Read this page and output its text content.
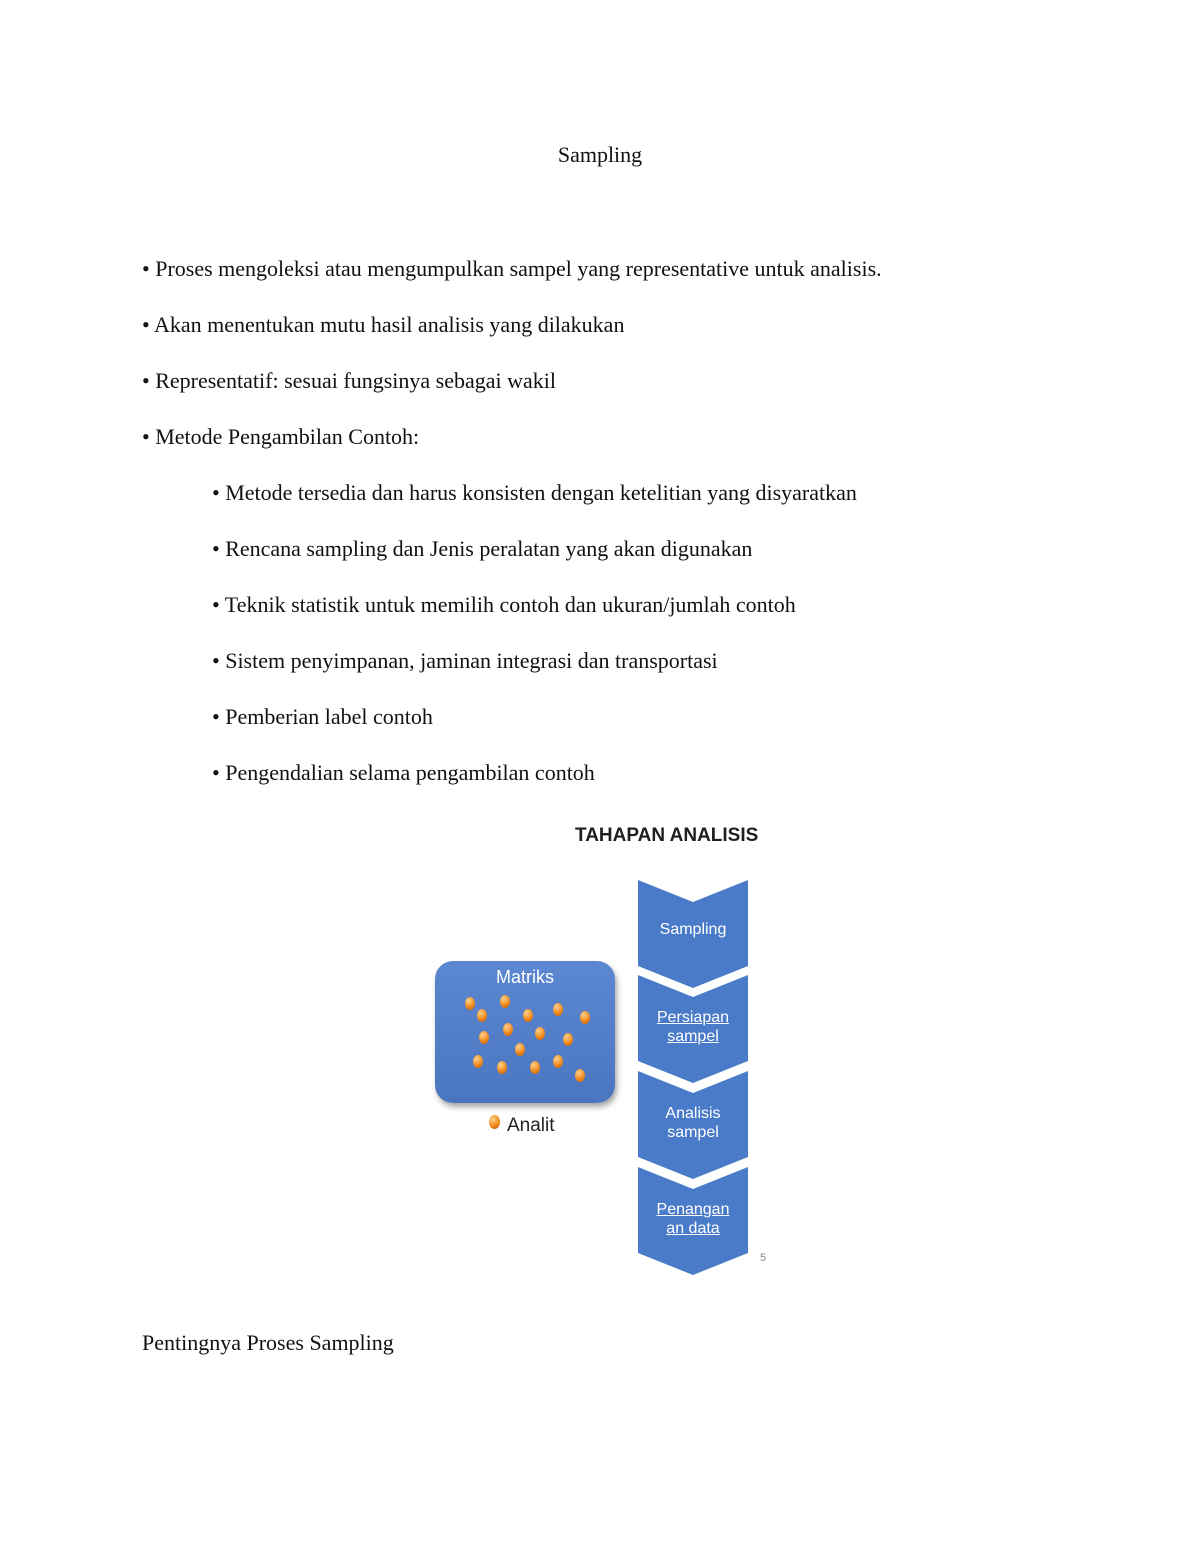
Sampling
• Proses mengoleksi atau mengumpulkan sampel yang representative untuk analisis.
• Akan menentukan mutu hasil analisis yang dilakukan
• Representatif: sesuai fungsinya sebagai wakil
• Metode Pengambilan Contoh:
• Metode tersedia dan harus konsisten dengan ketelitian yang disyaratkan
• Rencana sampling dan Jenis peralatan yang akan digunakan
• Teknik statistik untuk memilih contoh dan ukuran/jumlah contoh
• Sistem penyimpanan, jaminan integrasi dan transportasi
• Pemberian label contoh
• Pengendalian selama pengambilan contoh
TAHAPAN ANALISIS
Matriks
Analit
Sampling
Persiapan
sampel
Analisis
sampel
Penangan
an data
5
Pentingnya Proses Sampling
